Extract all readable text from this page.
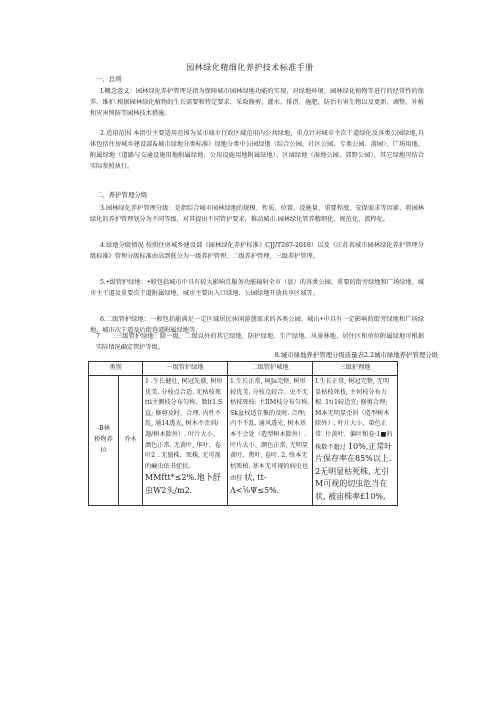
园林绿化精细化养护技术标准手册
一、总则

I.概念意义：园林绿化养护管理是指为保障城市园林绿地功能的实现，对绿地环境、园林绿化植物等进行的经常性的保养、维护.根据园林绿化植物的生长需要和特定要求，采取修剪、灌水、排涝、施肥、防治有害生物以及更新、调整、补植和灾害预防等园林技术措施。

2.适用范围 本指引主要适用范围为某市城市行政区域范用内公共绿地，重点针对城市主次干道绿化及各类公园绿地,具体包括住房城乡建设部&城市绿地分类标准》绿地分类中公园绿地（综合公园、社区公园、专类公园、游园）、广场用地、附属绿地（道路与交通设施用地附属绿地、公用设施用地附属绿地）、区域绿地（湿地公园、郊野公园），其它绿地可结合实际参照执行。

二、养护管理分级

3.园林绿化养护管理分级：是指综合城市园林绿地的规模、性质、位置、设施量、重要程度、安保需求等因素，将园林绿化的养护管理划分为不同等级，对其提出不同管护要求，推动城市.园林绿化管养精细化、规范化、流程化。

4.绿地分级情况 按照住房城乡建设部《园林绿化养护标准》CJJ/T287-2018）以及《江苏省城市园林绿化养护管理分级标准》管理分级标准由高到低分为一级养护管理、二级养护管理、三级养护管理。

5.•级管护绿地：•般包括城市中具有较大影响且服务功能辐射全市（县）的各类公园、重要的街旁绿地和广场绿地、城市主干道及重要次干道附属绿地、城市主要出入口绿地、公园绿地开放共享区域等。

6.二级管护绿地：一般包括能满足一定区域居民休闲游憩需求的各类公园、城山•中具有一定影响的街旁绿地和广场绿地、城市次干道及后街巷道附属绿地等。

7 .三级管护绿地：除一级、二级以外的其它绿地、防护绿地、生产绿地、风景林地、居住区和单位附属绿地可根据实际情况确定管护等级。

8.城市绿地养护管理分级质量表2.2城市绿地养护管理分级
类别		一级管护绿地	二级管护城地	三级护理地
-B林
桥物养
拉	乔木	1 .生长健壮, 树冠先盛, 树形优美. 分枝点合适. 无枯枝死tti主侧枝分布匀称、数lt1.S直; 修剪及时、合理. 内性不乱, 通14透光, 树木不歪斜/迦/树木除外）. 叶片大小、颜色正常. 无黄叶, 华叶、卷叶2 . 无狼株、死株, 无可视的癞虫依书症状。 MMftt*≤2%.地卜舒虫W2头/m2.	1.生长正常, 树Ja完整, 树形较优美. 分枝点较合。史不无枯枝死枝: 主IIM枝分布匀称. Sk盆权适宜惟的及时. 合理; 内不不乱. 通风透光. 树木基本不会处（造型树木除外）. 叶片大小、颜色正常, 无明显黄叶、焦叶, 卷叶. 2. 络本无枯死植. 基本无可视的病史也由狂 状, tt-Λ<⅝Ψ≤5%.	I.生长正常, 树冠完整, 无明显枯枝死枝, 主何枝分布力根. 1t(1较适宜; 修剪合理; M本无明显歪斜（造型树木除外）. 叶片大小、第色正常. 什黄叶、偏叶和卷·1■的株数不超过 10%,正常叶片保存率在85%以上. 2无明显枯死株, 尤引M可视的切虫危当在状, 被宙株率£10%,
